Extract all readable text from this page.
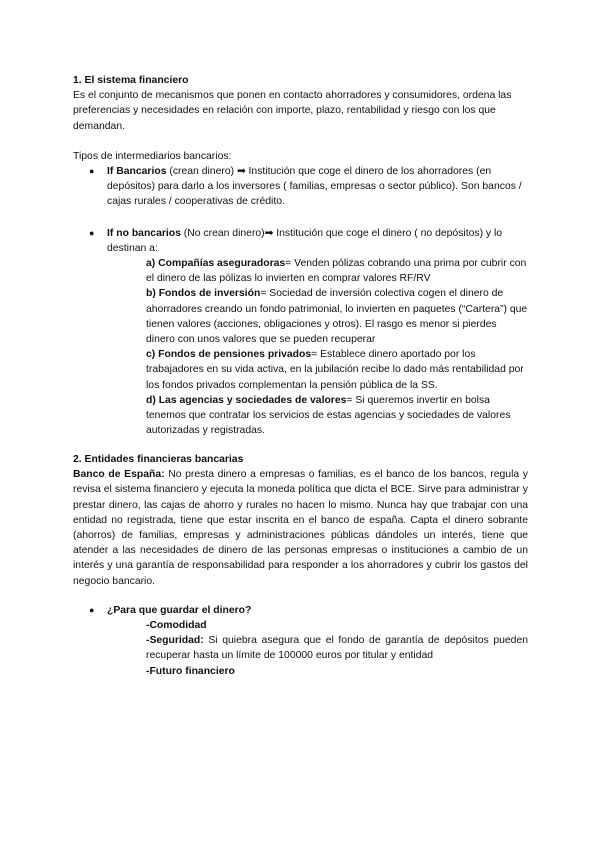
1. El sistema financiero

Es el conjunto de mecanismos que ponen en contacto ahorradores y consumidores, ordena las preferencias y necesidades en relación con importe, plazo, rentabilidad y riesgo con los que demandan.

Tipos de intermediarios bancarios:

● If Bancarios (crean dinero) ➡ Institución que coge el dinero de los ahorradores (en depósitos) para darlo a los inversores ( familias, empresas o sector público). Son bancos / cajas rurales / cooperativas de crédito.

● If no bancarios (No crean dinero)➡ Institución que coge el dinero ( no depósitos) y lo destinan a:

a) Compañías aseguradoras= Venden pólizas cobrando una prima por cubrir con el dinero de las pólizas lo invierten en comprar valores RF/RV

b) Fondos de inversión= Sociedad de inversión colectiva cogen el dinero de ahorradores creando un fondo patrimonial, lo invierten en paquetes (“Cartera”) que tienen valores (acciones, obligaciones y otros). El rasgo es menor si pierdes dinero con unos valores que se pueden recuperar

c) Fondos de pensiones privados= Establece dinero aportado por los trabajadores en su vida activa, en la jubilación recibe lo dado más rentabilidad por los fondos privados complementan la pensión pública de la SS.

d) Las agencias y sociedades de valores= Si queremos invertir en bolsa tenemos que contratar los servicios de estas agencias y sociedades de valores autorizadas y registradas.

2. Entidades financieras bancarias

Banco de España: No presta dinero a empresas o familias, es el banco de los bancos, regula y revisa el sistema financiero y ejecuta la moneda política que dicta el BCE. Sirve para administrar y prestar dinero, las cajas de ahorro y rurales no hacen lo mismo. Nunca hay que trabajar con una entidad no registrada, tiene que estar inscrita en el banco de españa. Capta el dinero sobrante (ahorros) de familias, empresas y administraciones públicas dándoles un interés, tiene que atender a las necesidades de dinero de las personas empresas o instituciones a cambio de un interés y una garantía de responsabilidad para responder a los ahorradores y cubrir los gastos del negocio bancario.

● ¿Para que guardar el dinero?

-Comodidad

-Seguridad: Si quiebra asegura que el fondo de garantía de depósitos pueden recuperar hasta un límite de 100000 euros por titular y entidad

-Futuro financiero
